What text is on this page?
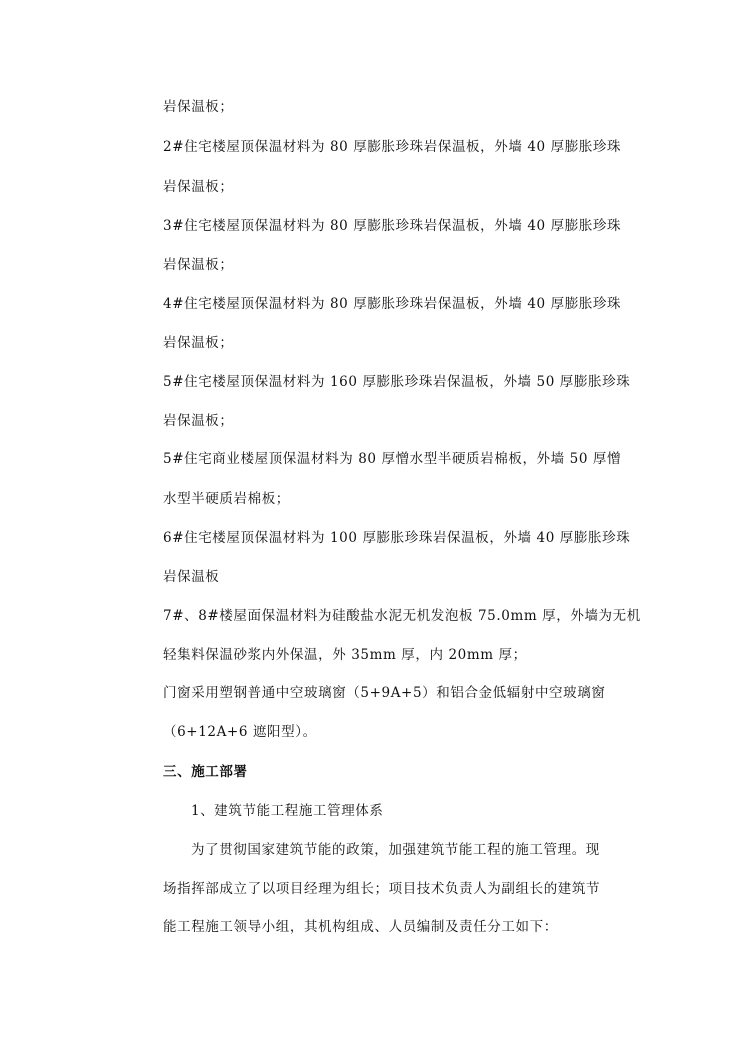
岩保温板；
2#住宅楼屋顶保温材料为 80 厚膨胀珍珠岩保温板，外墙 40 厚膨胀珍珠
岩保温板；
3#住宅楼屋顶保温材料为 80 厚膨胀珍珠岩保温板，外墙 40 厚膨胀珍珠
岩保温板；
4#住宅楼屋顶保温材料为 80 厚膨胀珍珠岩保温板，外墙 40 厚膨胀珍珠
岩保温板；
5#住宅楼屋顶保温材料为 160 厚膨胀珍珠岩保温板，外墙 50 厚膨胀珍珠
岩保温板；
5#住宅商业楼屋顶保温材料为 80 厚憎水型半硬质岩棉板，外墙 50 厚憎
水型半硬质岩棉板；
6#住宅楼屋顶保温材料为 100 厚膨胀珍珠岩保温板，外墙 40 厚膨胀珍珠
岩保温板
7#、8#楼屋面保温材料为硅酸盐水泥无机发泡板 75.0mm 厚，外墙为无机
轻集料保温砂浆内外保温，外 35mm 厚，内 20mm 厚；
门窗采用塑钢普通中空玻璃窗（5+9A+5）和铝合金低辐射中空玻璃窗
（6+12A+6 遮阳型）。
三、施工部署
1、建筑节能工程施工管理体系
为了贯彻国家建筑节能的政策，加强建筑节能工程的施工管理。现
场指挥部成立了以项目经理为组长；项目技术负责人为副组长的建筑节
能工程施工领导小组，其机构组成、人员编制及责任分工如下：
